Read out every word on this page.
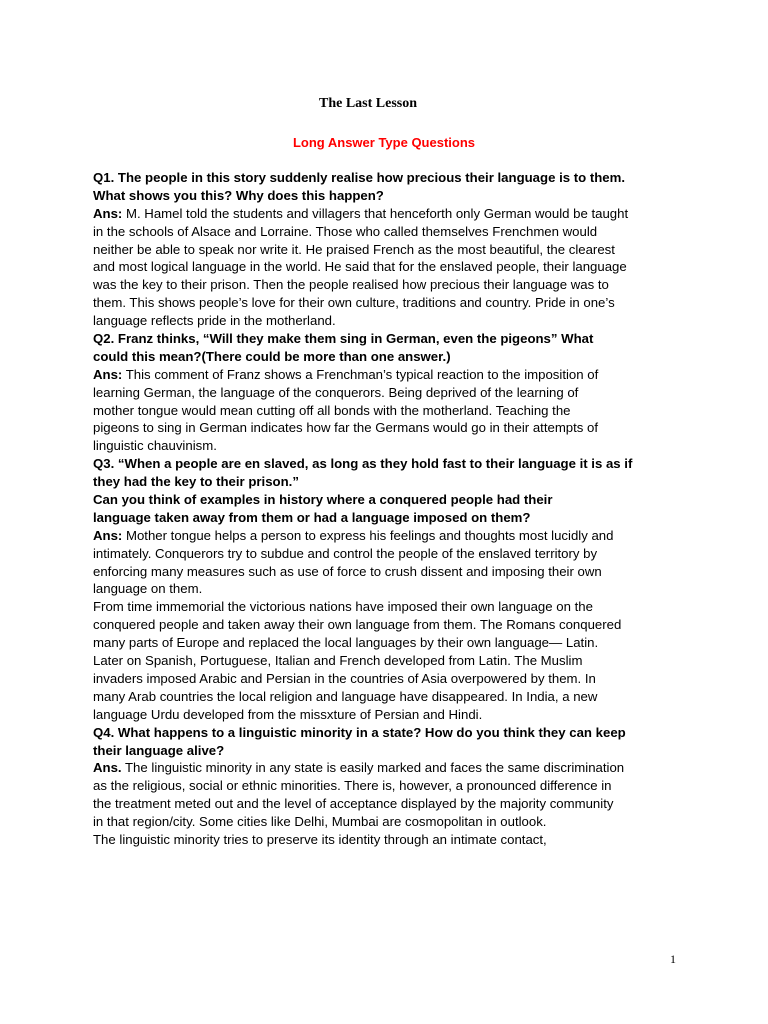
The Last Lesson
Long Answer Type Questions
Q1. The people in this story suddenly realise how precious their language is to them.
What shows you this? Why does this happen?
Ans: M. Hamel told the students and villagers that henceforth only German would be taught
in the schools of Alsace and Lorraine. Those who called themselves Frenchmen would
neither be able to speak nor write it. He praised French as the most beautiful, the clearest
and most logical language in the world. He said that for the enslaved people, their language
was the key to their prison. Then the people realised how precious their language was to
them. This shows people’s love for their own culture, traditions and country. Pride in one’s
language reflects pride in the motherland.
Q2. Franz thinks, “Will they make them sing in German, even the pigeons” What
could this mean?(There could be more than one answer.)
Ans: This comment of Franz shows a Frenchman’s typical reaction to the imposition of
learning German, the language of the conquerors. Being deprived of the learning of
mother tongue would mean cutting off all bonds with the motherland. Teaching the
pigeons to sing in German indicates how far the Germans would go in their attempts of
linguistic chauvinism.
Q3. “When a people are en slaved, as long as they hold fast to their language it is as if
they had the key to their prison.”
Can you think of examples in history where a conquered people had their
language taken away from them or had a language imposed on them?
Ans: Mother tongue helps a person to express his feelings and thoughts most lucidly and
intimately. Conquerors try to subdue and control the people of the enslaved territory by
enforcing many measures such as use of force to crush dissent and imposing their own
language on them.
From time immemorial the victorious nations have imposed their own language on the
conquered people and taken away their own language from them. The Romans conquered
many parts of Europe and replaced the local languages by their own language— Latin.
Later on Spanish, Portuguese, Italian and French developed from Latin. The Muslim
invaders imposed Arabic and Persian in the countries of Asia overpowered by them. In
many Arab countries the local religion and language have disappeared. In India, a new
language Urdu developed from the missxture of Persian and Hindi.
Q4. What happens to a linguistic minority in a state? How do you think they can keep
their language alive?
Ans. The linguistic minority in any state is easily marked and faces the same discrimination
as the religious, social or ethnic minorities. There is, however, a pronounced difference in
the treatment meted out and the level of acceptance displayed by the majority community
in that region/city. Some cities like Delhi, Mumbai are cosmopolitan in outlook.
The linguistic minority tries to preserve its identity through an intimate contact,
1
